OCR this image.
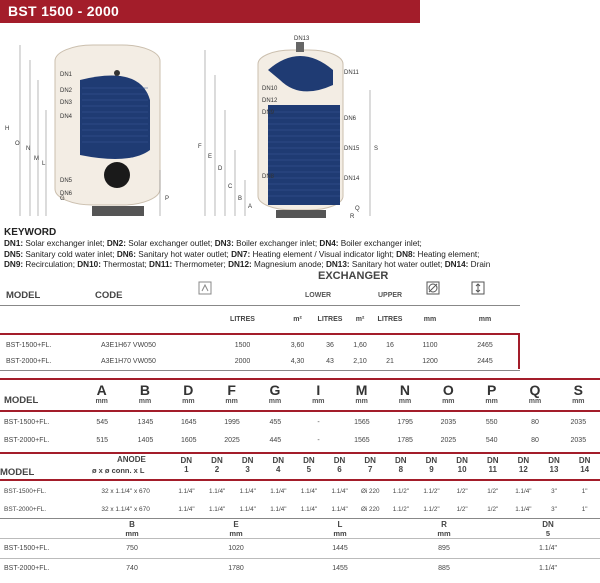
BST 1500 - 2000
H
O
N
M
L
G	P
DN1
DN2
DN3
DN4
DN5
DN6
DN13
DN11
DN10
DN12
DN9
DN6
DN15
DN8	DN14
S
Q
R
F
E
D
C
B
A
KEYWORD
DN1: Solar exchanger inlet; DN2: Solar exchanger outlet; DN3: Boiler exchanger inlet; DN4: Boiler exchanger inlet;
DN5: Sanitary cold water inlet; DN6: Sanitary hot water outlet; DN7: Heating element / Visual indicator light; DN8: Heating element;
DN9: Recirculation; DN10: Thermostat; DN11: Thermometer; DN12: Magnesium anode; DN13: Sanitary hot water outlet; DN14: Drain
EXCHANGER
MODEL	CODE	LOWER	UPPER
	LITRES	m²	LITRES	m²	LITRES	mm	mm
BST-1500+FL.	A3E1H67 VW050	1500	3,60	36	1,60	16	1100	2465
BST-2000+FL.	A3E1H70 VW050	2000	4,30	43	2,10	21	1200	2445
MODEL
A	B	D	F	G	I	M	N	O	P	Q	S
mm	mm	mm	mm	mm	mm	mm	mm	mm	mm	mm	mm
BST-1500+FL.	545	1345	1645	1995	455	-	1565	1795	2035	550	80	2035
BST-2000+FL.	515	1405	1605	2025	445	-	1565	1785	2025	540	80	2035
MODEL
ANODE
ø x ø conn. x L
DN	DN	DN	DN	DN	DN	DN	DN	DN	DN	DN	DN	DN	DN
1	2	3	4	5	6	7	8	9	10	11	12	13	14
BST-1500+FL.	32 x 1.1/4" x 670	1.1/4"	1.1/4"	1.1/4"	1.1/4"	1.1/4"	1.1/4"	Øi 220	1.1/2"	1.1/2"	1/2"	1/2"	1.1/4"	3"	1"
BST-2000+FL.	32 x 1.1/4" x 670	1.1/4"	1.1/4"	1.1/4"	1.1/4"	1.1/4"	1.1/4"	Øi 220	1.1/2"	1.1/2"	1/2"	1/2"	1.1/4"	3"	1"
	B	E	L	R	DN
	mm	mm	mm	mm	5
BST-1500+FL.	750	1020	1445	895	1.1/4"
BST-2000+FL.	740	1780	1455	885	1.1/4"
